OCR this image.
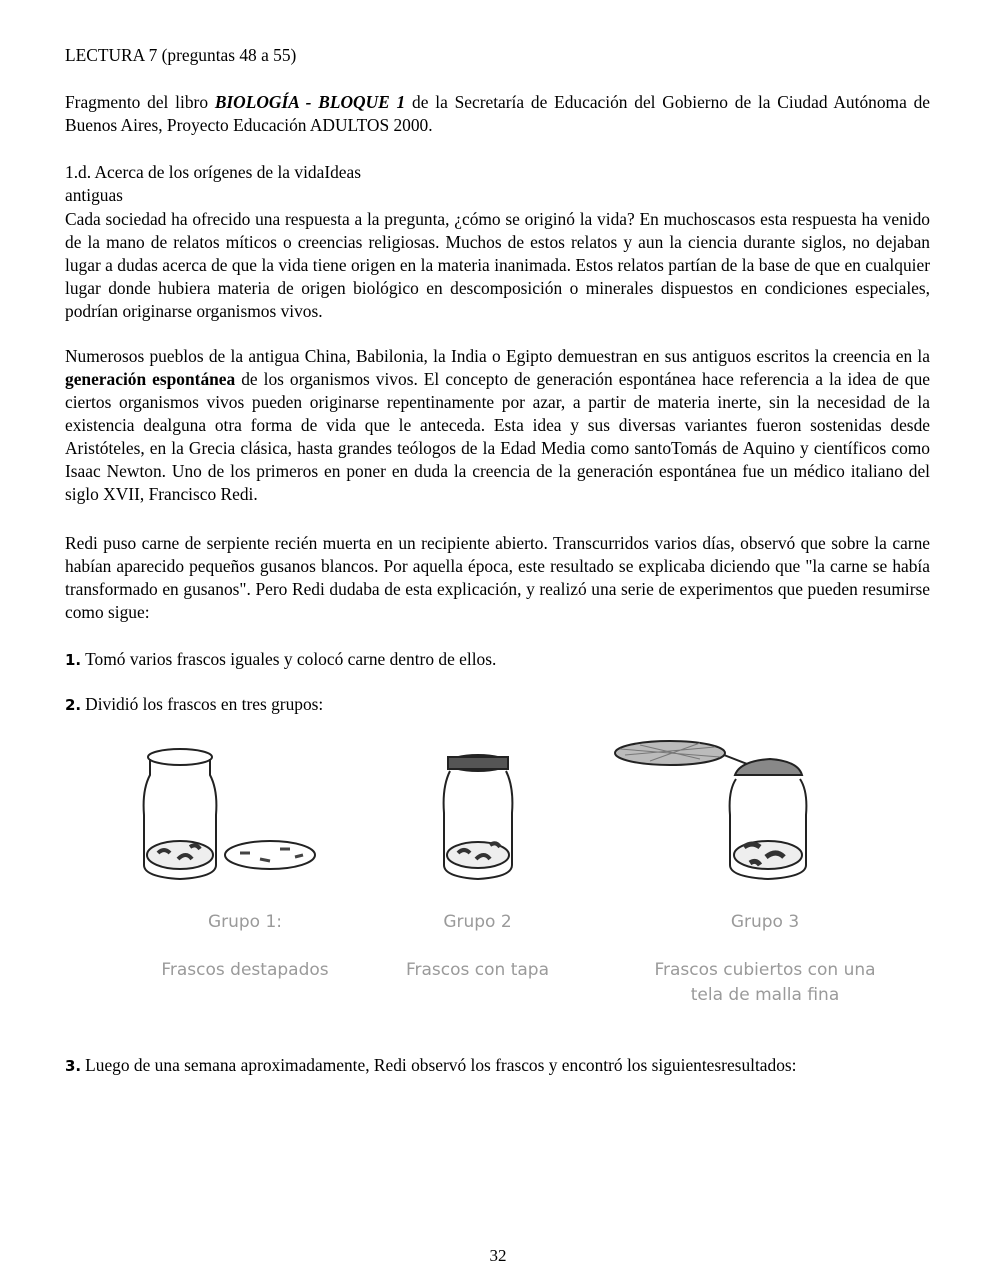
LECTURA 7 (preguntas 48 a 55)

Fragmento del libro BIOLOGÍA - BLOQUE 1 de la Secretaría de Educación del Gobierno de la Ciudad Autónoma de Buenos Aires, Proyecto Educación ADULTOS 2000.

1.d. Acerca de los orígenes de la vidaIdeas
antiguas

Cada sociedad ha ofrecido una respuesta a la pregunta, ¿cómo se originó la vida? En muchoscasos esta respuesta ha venido de la mano de relatos míticos o creencias religiosas. Muchos de estos relatos y aun la ciencia durante siglos, no dejaban lugar a dudas acerca de que la vida tiene origen en la materia inanimada. Estos relatos partían de la base de que en cualquier lugar donde hubiera materia de origen biológico en descomposición o minerales dispuestos en condiciones especiales, podrían originarse organismos vivos.

Numerosos pueblos de la antigua China, Babilonia, la India o Egipto demuestran en sus antiguos escritos la creencia en la generación espontánea de los organismos vivos. El concepto de generación espontánea hace referencia a la idea de que ciertos organismos vivos pueden originarse repentinamente por azar, a partir de materia inerte, sin la necesidad de la existencia dealguna otra forma de vida que le anteceda. Esta idea y sus diversas variantes fueron sostenidas desde Aristóteles, en la Grecia clásica, hasta grandes teólogos de la Edad Media como santoTomás de Aquino y científicos como Isaac Newton. Uno de los primeros en poner en duda la creencia de la generación espontánea fue un médico italiano del siglo XVII, Francisco Redi.

Redi puso carne de serpiente recién muerta en un recipiente abierto. Transcurridos varios días, observó que sobre la carne habían aparecido pequeños gusanos blancos. Por aquella época, este resultado se explicaba diciendo que "la carne se había transformado en gusanos". Pero Redi dudaba de esta explicación, y realizó una serie de experimentos que pueden resumirse como sigue:

1. Tomó varios frascos iguales y colocó carne dentro de ellos.

2. Dividió los frascos en tres grupos:

Grupo 1:
Frascos destapados
Grupo 2
Frascos con tapa
Grupo 3
Frascos cubiertos con una
tela de malla fina

3. Luego de una semana aproximadamente, Redi observó los frascos y encontró los siguientesresultados:

32
